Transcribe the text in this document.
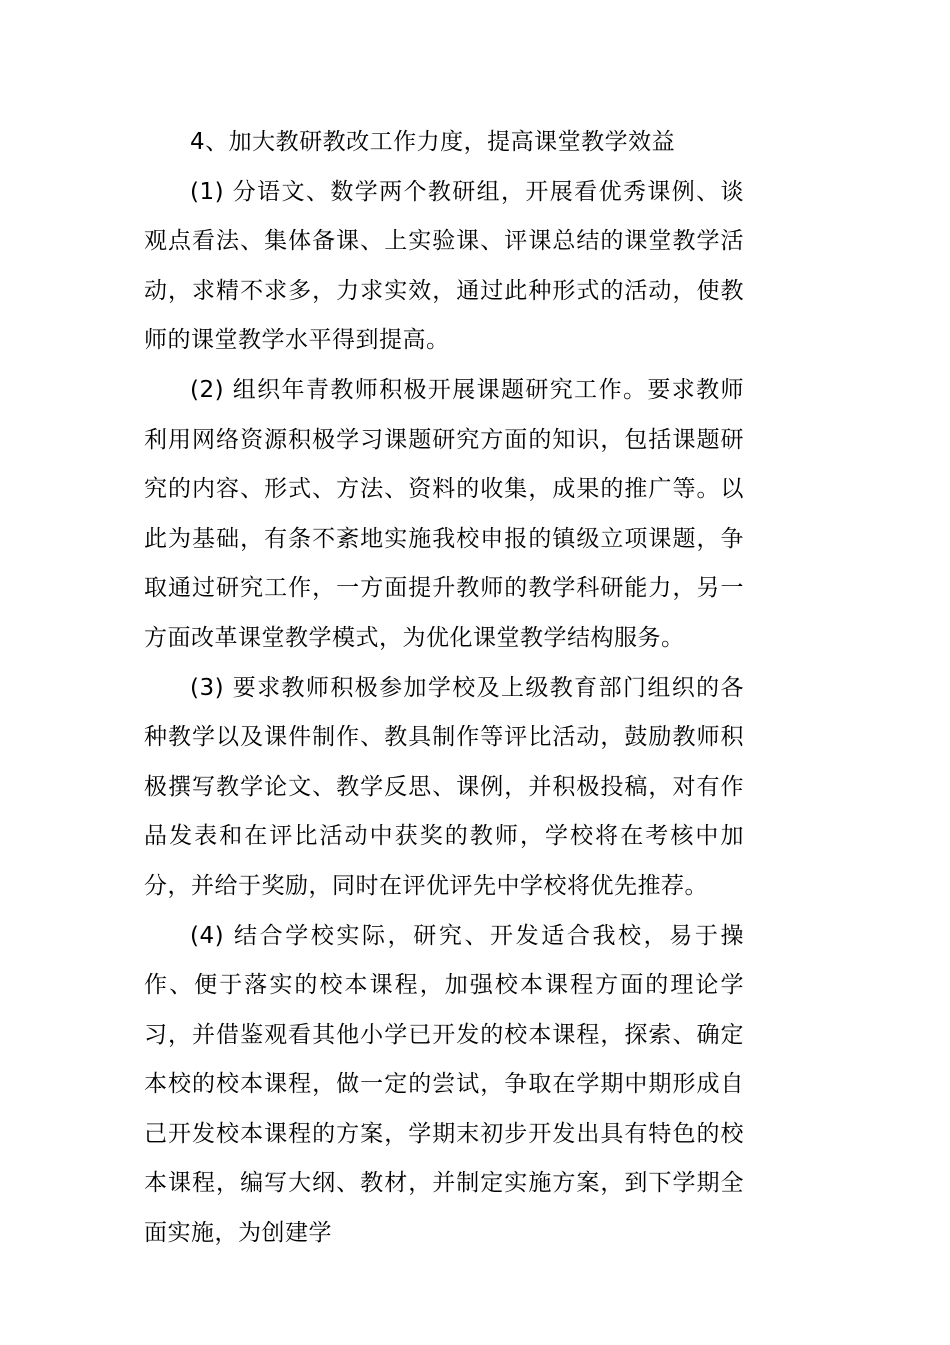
4、加大教研教改工作力度，提高课堂教学效益

(1) 分语文、数学两个教研组，开展看优秀课例、谈观点看法、集体备课、上实验课、评课总结的课堂教学活动，求精不求多，力求实效，通过此种形式的活动，使教师的课堂教学水平得到提高。

(2) 组织年青教师积极开展课题研究工作。要求教师利用网络资源积极学习课题研究方面的知识，包括课题研究的内容、形式、方法、资料的收集，成果的推广等。以此为基础，有条不紊地实施我校申报的镇级立项课题，争取通过研究工作，一方面提升教师的教学科研能力，另一方面改革课堂教学模式，为优化课堂教学结构服务。

(3) 要求教师积极参加学校及上级教育部门组织的各种教学以及课件制作、教具制作等评比活动，鼓励教师积极撰写教学论文、教学反思、课例，并积极投稿，对有作品发表和在评比活动中获奖的教师，学校将在考核中加分，并给于奖励，同时在评优评先中学校将优先推荐。

(4) 结合学校实际，研究、开发适合我校，易于操作、便于落实的校本课程，加强校本课程方面的理论学习，并借鉴观看其他小学已开发的校本课程，探索、确定本校的校本课程，做一定的尝试，争取在学期中期形成自己开发校本课程的方案，学期末初步开发出具有特色的校本课程，编写大纲、教材，并制定实施方案，到下学期全面实施，为创建学
